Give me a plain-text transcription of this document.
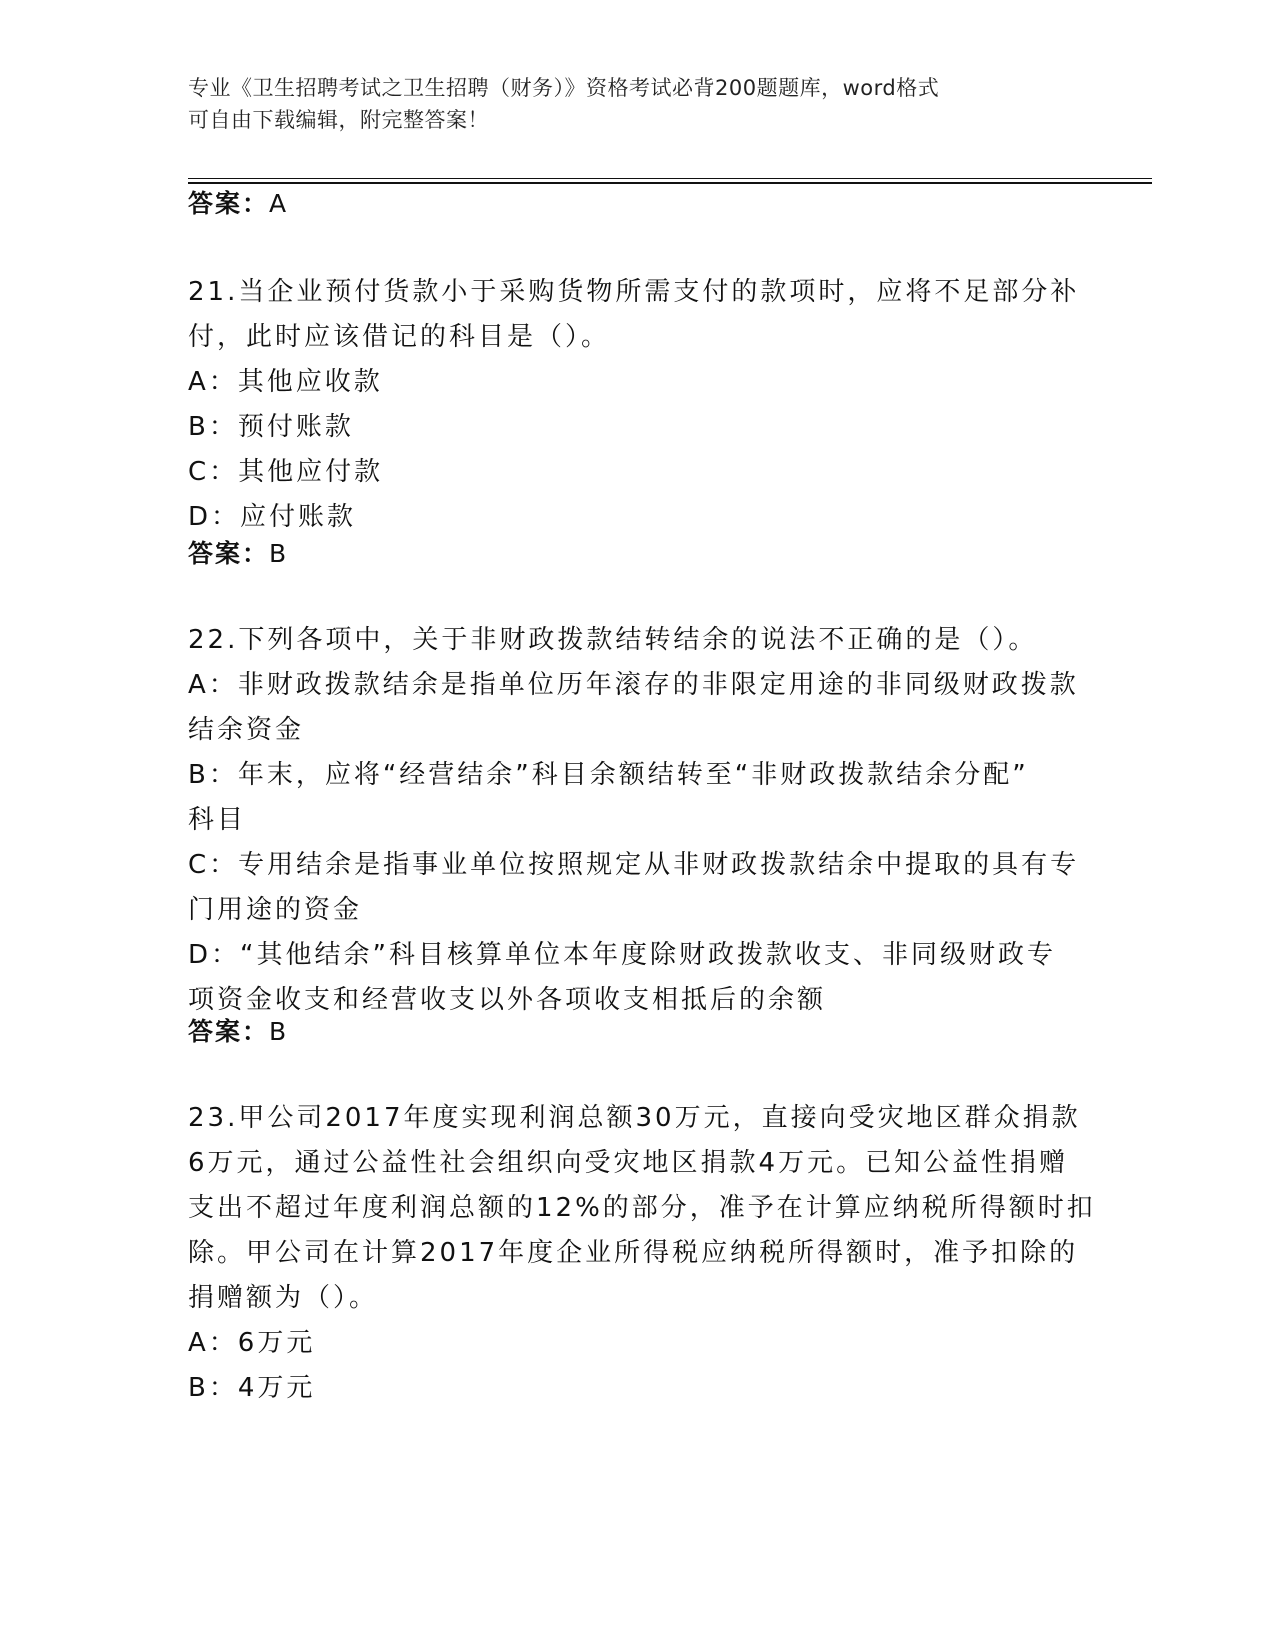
专业《卫生招聘考试之卫生招聘（财务）》资格考试必背200题题库，word格式
可自由下载编辑，附完整答案！
答案：A
21.当企业预付货款小于采购货物所需支付的款项时，应将不足部分补
付，此时应该借记的科目是（）。
A：其他应收款
B：预付账款
C：其他应付款
D：应付账款
答案：B
22.下列各项中，关于非财政拨款结转结余的说法不正确的是（）。
A：非财政拨款结余是指单位历年滚存的非限定用途的非同级财政拨款
结余资金
B：年末，应将“经营结余”科目余额结转至“非财政拨款结余分配”
科目
C：专用结余是指事业单位按照规定从非财政拨款结余中提取的具有专
门用途的资金
D：“其他结余”科目核算单位本年度除财政拨款收支、非同级财政专
项资金收支和经营收支以外各项收支相抵后的余额
答案：B
23.甲公司2017年度实现利润总额30万元，直接向受灾地区群众捐款
6万元，通过公益性社会组织向受灾地区捐款4万元。已知公益性捐赠
支出不超过年度利润总额的12%的部分，准予在计算应纳税所得额时扣
除。甲公司在计算2017年度企业所得税应纳税所得额时，准予扣除的
捐赠额为（）。
A：6万元
B：4万元
